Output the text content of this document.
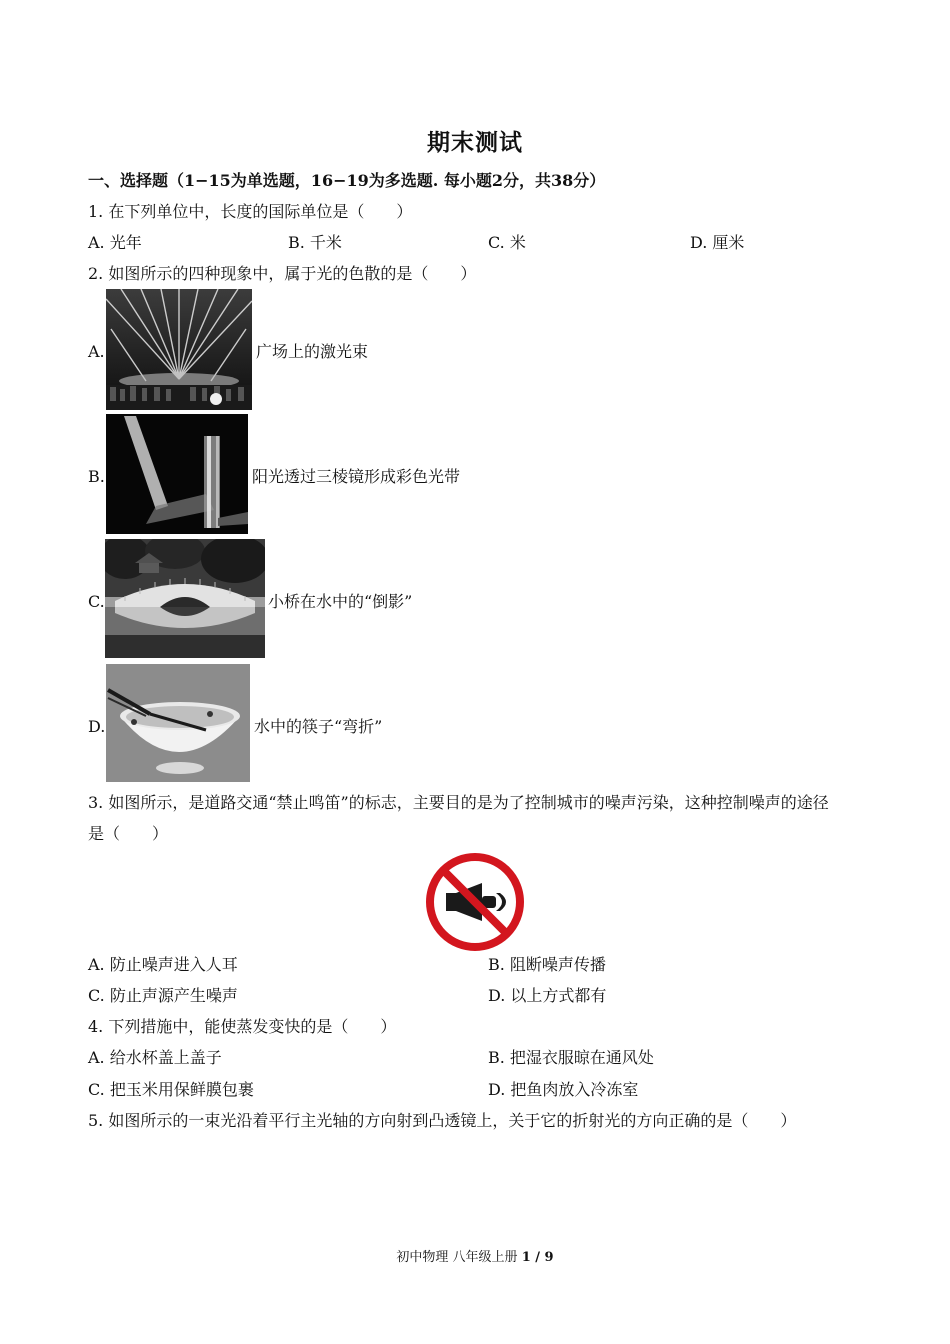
期末测试
一、选择题（1−15为单选题，16−19为多选题. 每小题2分，共38分）
1. 在下列单位中，长度的国际单位是（　　）
A. 光年	B. 千米	C. 米	D. 厘米
2. 如图所示的四种现象中，属于光的色散的是（　　）
A.	广场上的激光束
B.	阳光透过三棱镜形成彩色光带
C.	小桥在水中的“倒影”
D.	水中的筷子“弯折”
3. 如图所示，是道路交通“禁止鸣笛”的标志，主要目的是为了控制城市的噪声污染，这种控制噪声的途径
是（　　）
A. 防止噪声进入人耳	B. 阻断噪声传播
C. 防止声源产生噪声	D. 以上方式都有
4. 下列措施中，能使蒸发变快的是（　　）
A. 给水杯盖上盖子	B. 把湿衣服晾在通风处
C. 把玉米用保鲜膜包裹	D. 把鱼肉放入冷冻室
5. 如图所示的一束光沿着平行主光轴的方向射到凸透镜上，关于它的折射光的方向正确的是（　　）
初中物理 八年级上册 1 / 9
